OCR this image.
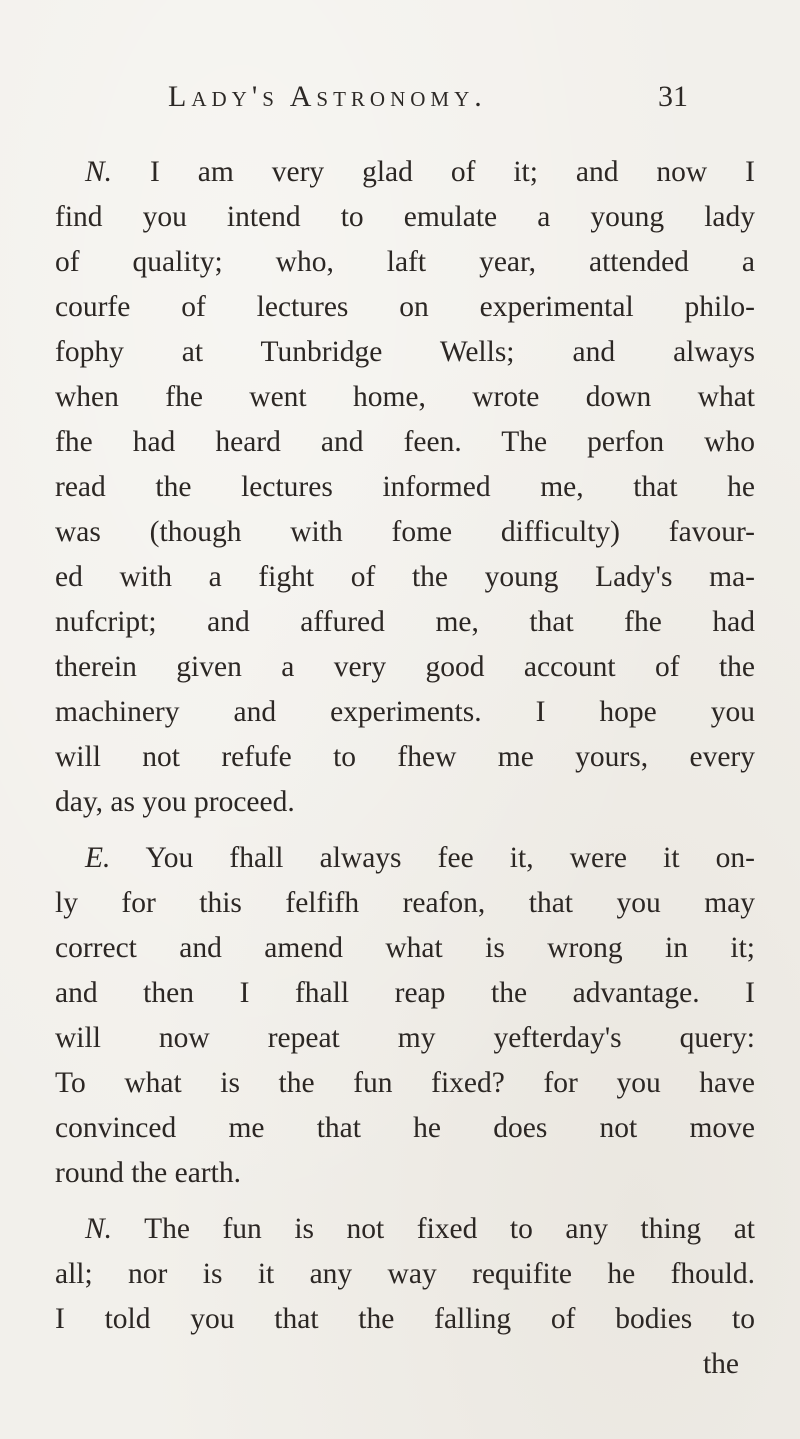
Lady's Astronomy.	31
N. I am very glad of it; and now I
find you intend to emulate a young lady
of quality; who, laft year, attended a
courfe of lectures on experimental philo-
fophy at Tunbridge Wells; and always
when fhe went home, wrote down what
fhe had heard and feen. The perfon who
read the lectures informed me, that he
was (though with fome difficulty) favour-
ed with a fight of the young Lady's ma-
nufcript; and affured me, that fhe had
therein given a very good account of the
machinery and experiments. I hope you
will not refufe to fhew me yours, every
day, as you proceed.
E. You fhall always fee it, were it on-
ly for this felfifh reafon, that you may
correct and amend what is wrong in it;
and then I fhall reap the advantage. I
will now repeat my yefterday's query:
To what is the fun fixed? for you have
convinced me that he does not move
round the earth.
N. The fun is not fixed to any thing at
all; nor is it any way requifite he fhould.
I told you that the falling of bodies to
the
